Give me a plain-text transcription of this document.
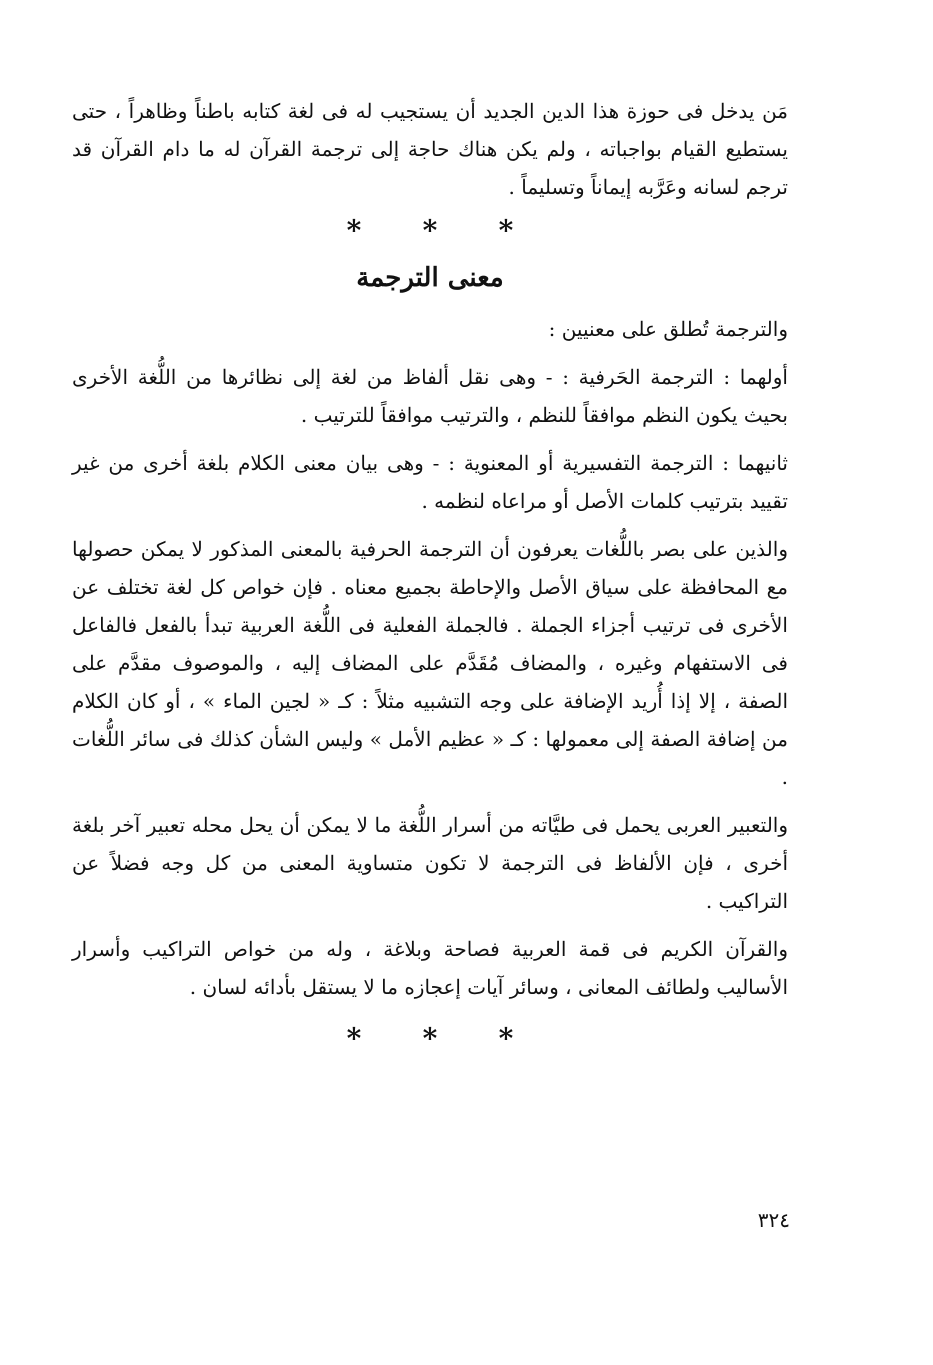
مَن يدخل فى حوزة هذا الدين الجديد أن يستجيب له فى لغة كتابه باطناً وظاهراً ، حتى يستطيع القيام بواجباته ، ولم يكن هناك حاجة إلى ترجمة القرآن له ما دام القرآن قد ترجم لسانه وعَرَّبه إيماناً وتسليماً .

* * *
معنى الترجمة

والترجمة تُطلق على معنيين :

أولهما : الترجمة الحَرفية : - وهى نقل ألفاظ من لغة إلى نظائرها من اللُّغة الأخرى بحيث يكون النظم موافقاً للنظم ، والترتيب موافقاً للترتيب .

ثانيهما : الترجمة التفسيرية أو المعنوية : - وهى بيان معنى الكلام بلغة أخرى من غير تقييد بترتيب كلمات الأصل أو مراعاه لنظمه .

والذين على بصر باللُّغات يعرفون أن الترجمة الحرفية بالمعنى المذكور لا يمكن حصولها مع المحافظة على سياق الأصل والإحاطة بجميع معناه . فإن خواص كل لغة تختلف عن الأخرى فى ترتيب أجزاء الجملة . فالجملة الفعلية فى اللُّغة العربية تبدأ بالفعل فالفاعل فى الاستفهام وغيره ، والمضاف مُقَدَّم على المضاف إليه ، والموصوف مقدَّم على الصفة ، إلا إذا أُريد الإضافة على وجه التشبيه مثلاً : كـ « لجين الماء » ، أو كان الكلام من إضافة الصفة إلى معمولها : كـ « عظيم الأمل » وليس الشأن كذلك فى سائر اللُّغات .

والتعبير العربى يحمل فى طيَّاته من أسرار اللُّغة ما لا يمكن أن يحل محله تعبير آخر بلغة أخرى ، فإن الألفاظ فى الترجمة لا تكون متساوية المعنى من كل وجه فضلاً عن التراكيب .

والقرآن الكريم فى قمة العربية فصاحة وبلاغة ، وله من خواص التراكيب وأسرار الأساليب ولطائف المعانى ، وسائر آيات إعجازه ما لا يستقل بأدائه لسان .

* * *
٣٢٤
